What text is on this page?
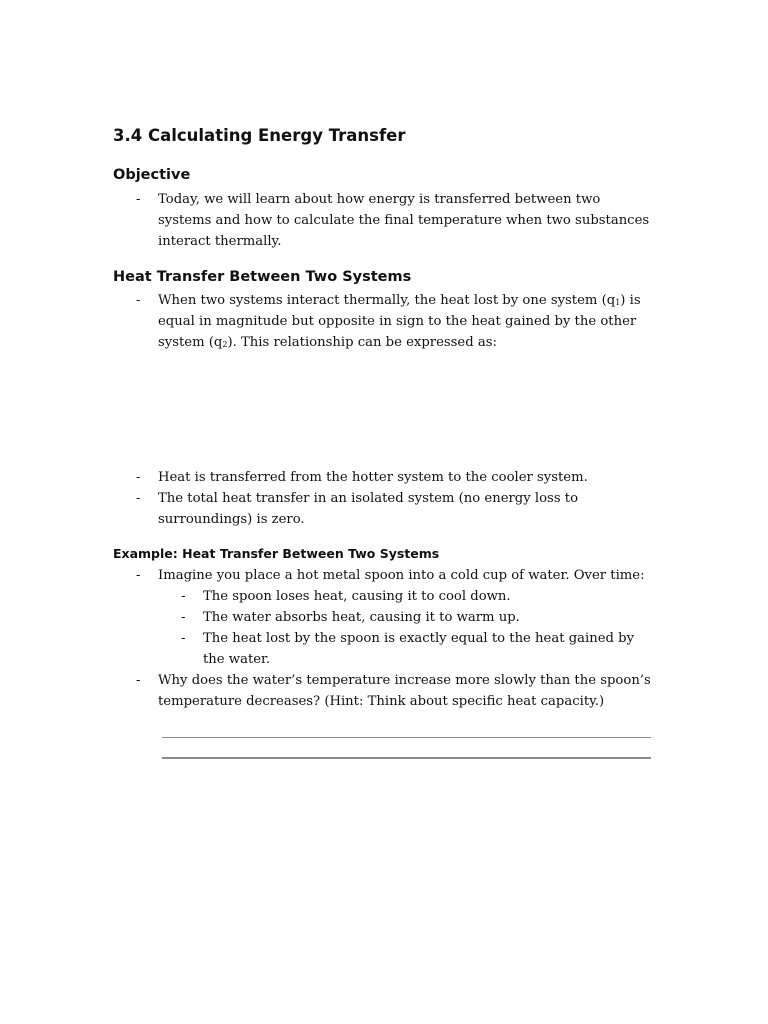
3.4 Calculating Energy Transfer
Objective
-	Today, we will learn about how energy is transferred between two systems and how to calculate the final temperature when two substances interact thermally.
Heat Transfer Between Two Systems
-	When two systems interact thermally, the heat lost by one system $(q_1)$ is equal in magnitude but opposite in sign to the heat gained by the other system $(q_2)$. This relationship can be expressed as:
-	Heat is transferred from the hotter system to the cooler system.
-	The total heat transfer in an isolated system (no energy loss to surroundings) is zero.
Example: Heat Transfer Between Two Systems
-	Imagine you place a hot metal spoon into a cold cup of water. Over time:
-	The spoon loses heat, causing it to cool down.
-	The water absorbs heat, causing it to warm up.
-	The heat lost by the spoon is exactly equal to the heat gained by the water.
-	Why does the water’s temperature increase more slowly than the spoon’s temperature decreases? (Hint: Think about specific heat capacity.)
